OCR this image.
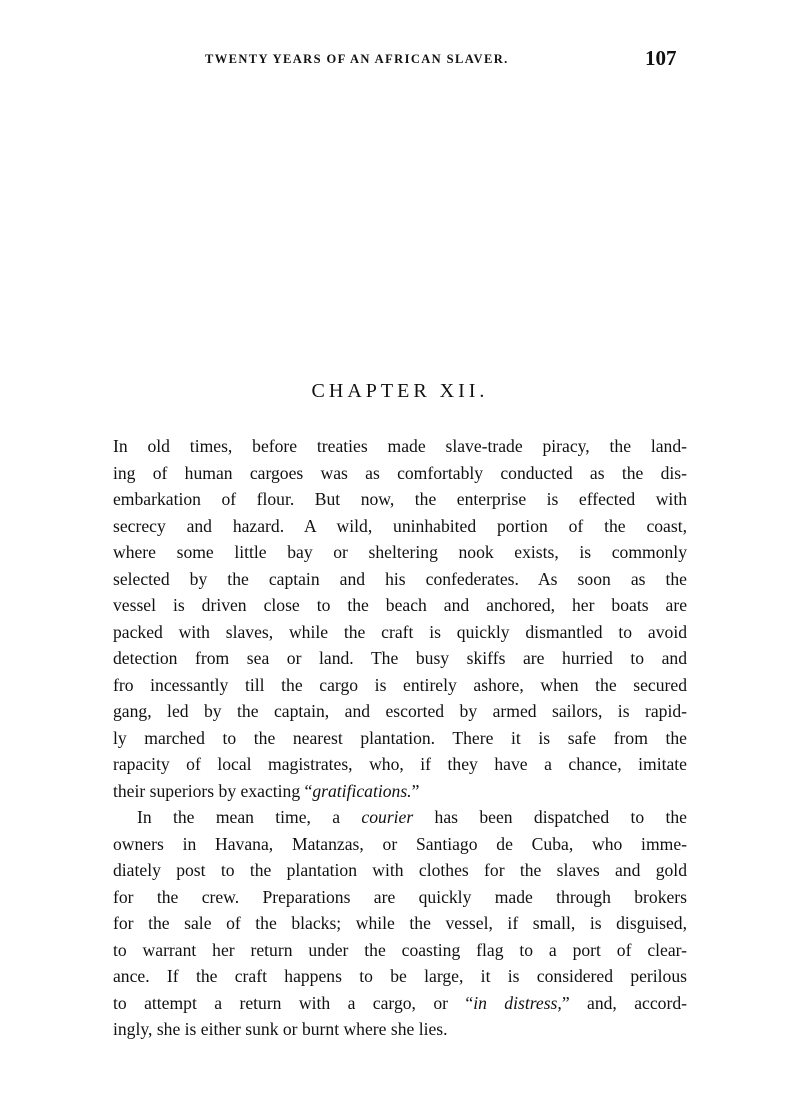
TWENTY YEARS OF AN AFRICAN SLAVER.	107
CHAPTER XII.
In old times, before treaties made slave-trade piracy, the land-
ing of human cargoes was as comfortably conducted as the dis-
embarkation of flour. But now, the enterprise is effected with
secrecy and hazard. A wild, uninhabited portion of the coast,
where some little bay or sheltering nook exists, is commonly
selected by the captain and his confederates. As soon as the
vessel is driven close to the beach and anchored, her boats are
packed with slaves, while the craft is quickly dismantled to avoid
detection from sea or land. The busy skiffs are hurried to and
fro incessantly till the cargo is entirely ashore, when the secured
gang, led by the captain, and escorted by armed sailors, is rapid-
ly marched to the nearest plantation. There it is safe from the
rapacity of local magistrates, who, if they have a chance, imitate
their superiors by exacting “gratifications.”
In the mean time, a courier has been dispatched to the
owners in Havana, Matanzas, or Santiago de Cuba, who imme-
diately post to the plantation with clothes for the slaves and gold
for the crew. Preparations are quickly made through brokers
for the sale of the blacks; while the vessel, if small, is disguised,
to warrant her return under the coasting flag to a port of clear-
ance. If the craft happens to be large, it is considered perilous
to attempt a return with a cargo, or “in distress,” and, accord-
ingly, she is either sunk or burnt where she lies.
